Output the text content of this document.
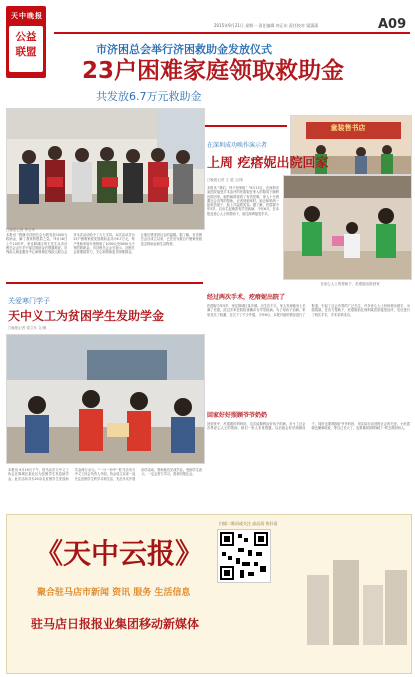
天中晚报
公益
联盟
2015年9月21日 星期一 责任编辑 何正东 责任校对 梁潇潇	A09
市济困总会举行济困救助金发放仪式
23户困难家庭领取救助金
共发放6.7万元救助金
童装售书店
本报讯 "感谢市济困总会为我发放1000元救助金，解了我家的燃眉之急。"9月18日上午10时许，家住驿城区的王先生从市济困总会会长手中接过救助金后感激地说。市残疾人就业服务中心和驿城区残疾人联合会对本次活动给予了大力支持。本次活动共为23户困难家庭发放救助金共计6.7万元，每户受助家庭分别领取了1000元至5000元不等的救助金。市济困总会会长表示，济困总会将继续努力，关心和帮助更多困难群众，让他们感受到社会的温暖。据了解，市济困总会自成立以来，已先后为数百户困难家庭送去救助金和生活物资。
□晚报记者 李玉华
在深圳成功唤作演示者
上周 疙瘩妮出院回家
□晚报记者 王 超 文/图
本报讯 "我们，终于回家啦！"9月13日，在深圳市某医院接受手术治疗的疙瘩妮在家人的陪同下顺利出院回家。她的病情得到了有效控制，家人十分感激社会各界的帮助。记者到她家时，她正和妈妈一起收拾屋子，脸上洋溢着笑容。据了解，疙瘩妮今年5岁，自出生起就患有罕见疾病，今年6月，在本报及爱心人士的帮助下，前往深圳接受手术。
在爱心人士的帮助下，疙瘩妮出院回家
关爱寒门学子
天中义工为贫困学生发助学金
□晚报记者 梁立东 文/图
本报讯 9月19日下午，驻马店市天中义工协会在驿城区某社区为贫困学生发放助学金。此次活动共为20余名贫困学生发放助学金两万余元。"一分一份中" 驻马店市天中义工协会负责人介绍，协会成立以来一直关注贫困学生的学习和生活，先后多次开展助学活动，帮助他们完成学业。受助学生表示，一定会努力学习，将来回报社会。
经过两次手术，疙瘩妮出院了
疙瘩妮今年5岁，家住驿城区某乡镇。出生后不久，家人发现她身上长满了疙瘩，经过多家医院检查确诊为罕见疾病。为了给孩子治病，家里花光了积蓄，还欠下了不少外债。今年6月，本报对她的情况进行了报道，引起了社会各界的广泛关注，许多爱心人士纷纷伸出援手，为她捐款。在各方帮助下，疙瘩妮前往深圳某医院接受治疗，先后进行了两次手术，手术非常成功。
回家好好照顾爷爷奶奶
回到家中，疙瘩妮的妈妈说，这次能顺利治好孩子的病，多亏了社会各界爱心人士的帮助，她们一家人非常感激。以后她会好好照顾孩子，同时也要照顾好爷爷奶奶，用实际行动回报社会的关爱。小疙瘩妮也懂事地说，等自己长大了，也要像叔叔阿姨们一样去帮助别人。
扫描二维码或关注 高品质 快好看
《天中云报》
聚合驻马店市新闻 资讯 服务 生活信息
驻马店日报报业集团移动新媒体
